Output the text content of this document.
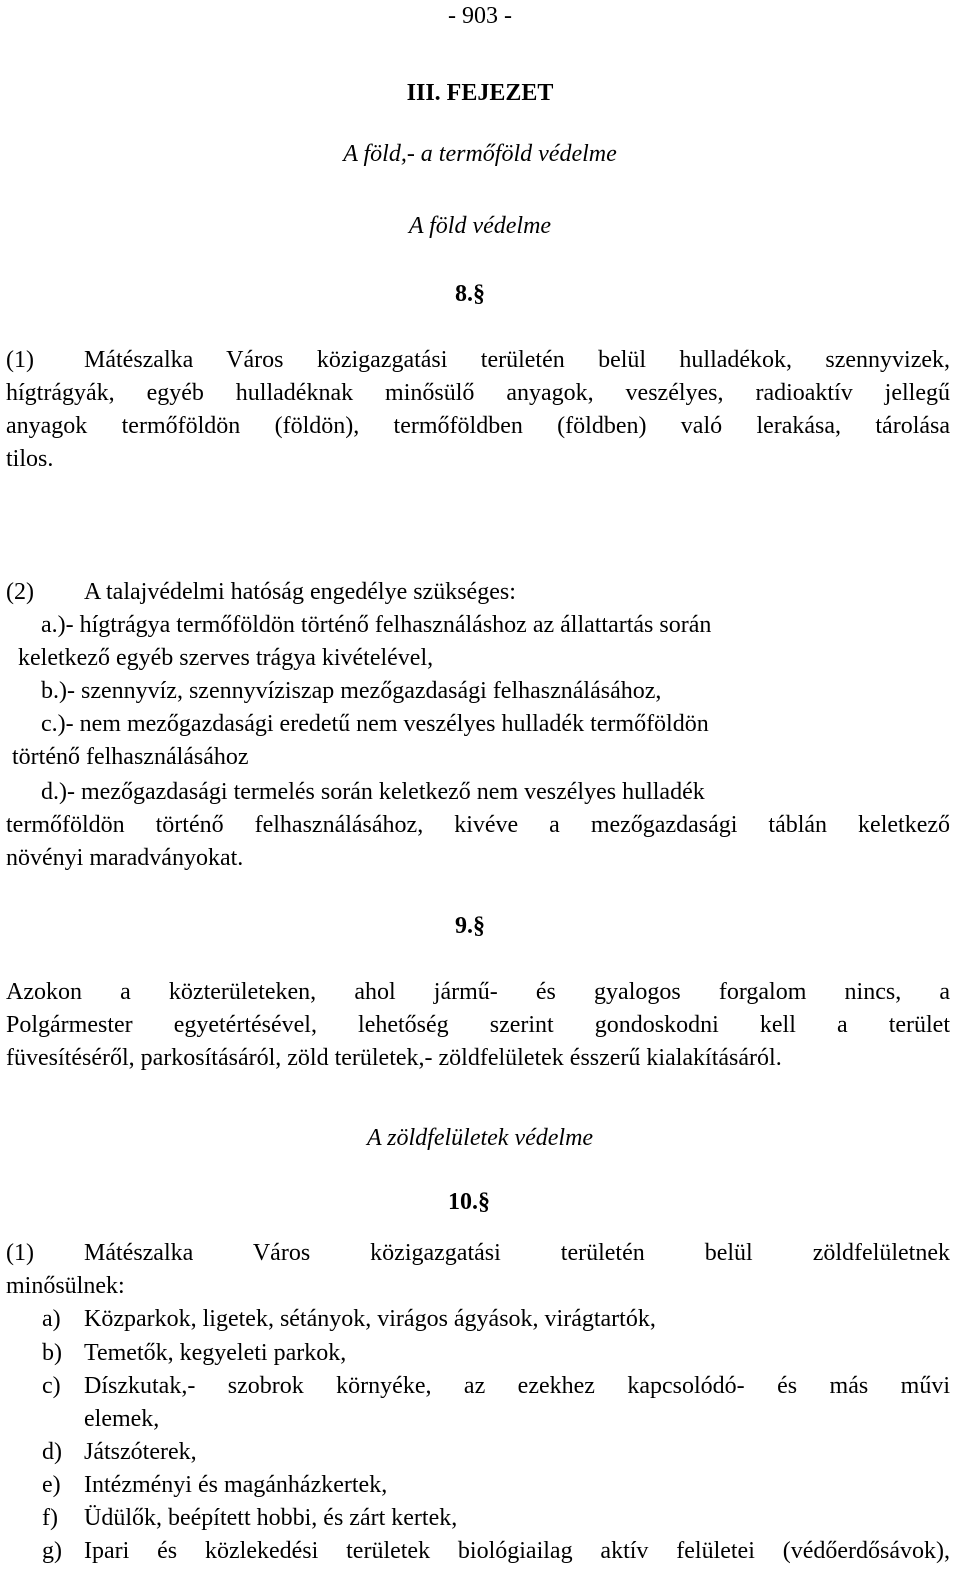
- 903 -
III. FEJEZET
A föld,- a termőföld védelme
A föld védelme
8.§
(1) Mátészalka Város közigazgatási területén belül hulladékok, szennyvizek,
hígtrágyák, egyéb hulladéknak minősülő anyagok, veszélyes, radioaktív jellegű
anyagok termőföldön (földön), termőföldben (földben) való lerakása, tárolása
tilos.
(2) A talajvédelmi hatóság engedélye szükséges:
a.)- hígtrágya termőföldön történő felhasználáshoz az állattartás során
keletkező egyéb szerves trágya kivételével,
b.)- szennyvíz, szennyvíziszap mezőgazdasági felhasználásához,
c.)- nem mezőgazdasági eredetű nem veszélyes hulladék termőföldön
történő felhasználásához
d.)- mezőgazdasági termelés során keletkező nem veszélyes hulladék
termőföldön történő felhasználásához, kivéve a mezőgazdasági táblán keletkező
növényi maradványokat.
9.§
Azokon a közterületeken, ahol jármű- és gyalogos forgalom nincs, a
Polgármester egyetértésével, lehetőség szerint gondoskodni kell a terület
füvesítéséről, parkosításáról, zöld területek,- zöldfelületek ésszerű kialakításáról.
A zöldfelületek védelme
10.§
(1) Mátészalka Város közigazgatási területén belül zöldfelületnek
minősülnek:
a) Közparkok, ligetek, sétányok, virágos ágyások, virágtartók,
b) Temetők, kegyeleti parkok,
c) Díszkutak,- szobrok környéke, az ezekhez kapcsolódó- és más művi
elemek,
d) Játszóterek,
e) Intézményi és magánházkertek,
f) Üdülők, beépített hobbi, és zárt kertek,
g) Ipari és közlekedési területek biológiailag aktív felületei (védőerdősávok),
